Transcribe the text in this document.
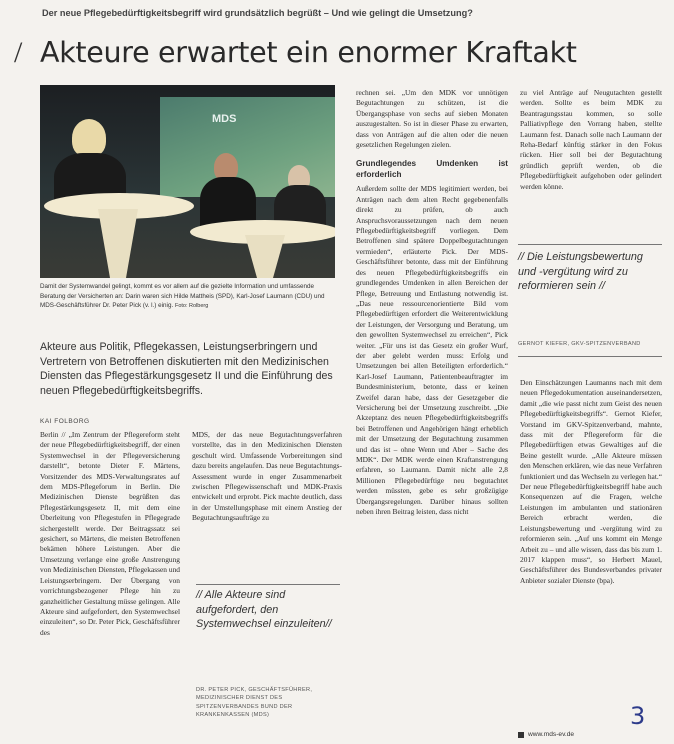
Der neue Pflegebedürftigkeitsbegriff wird grundsätzlich begrüßt – Und wie gelingt die Umsetzung?
/ Akteure erwartet ein enormer Kraftakt
MDS
Damit der Systemwandel gelingt, kommt es vor allem auf die gezielte Information und umfassende Beratung der Versicherten an: Darin waren sich Hilde Mattheis (SPD), Karl-Josef Laumann (CDU) und MDS-Geschäftsführer Dr. Peter Pick (v. l.) einig. Foto: Rolberg
Akteure aus Politik, Pflegekassen, Leistungserbringern und Vertretern von Betroffenen diskutierten mit den Medizinischen Diensten das Pflegestärkungsgesetz II und die Einführung des neuen Pflegebedürftigkeitsbegriffs.
KAI FOLBORG

Berlin // „Im Zentrum der Pflegereform steht der neue Pflegebedürftigkeitsbegriff, der einen Systemwechsel in der Pflegeversicherung darstellt“, betonte Dieter F. Märtens, Vorsitzender des MDS-Verwaltungsrates auf dem MDS-Pflegeforum in Berlin. Die Medizinischen Dienste begrüßten das Pflegestärkungsgesetz II, mit dem eine Überleitung von Pflegestufen in Pflegegrade sichergestellt werde. Der Beitragssatz sei gesichert, so Märtens, die meisten Betroffenen bekämen höhere Leistungen. Aber die Umsetzung verlange eine große Anstrengung von Medizinischen Diensten, Pflegekassen und Leistungserbringern. Der Übergang von vorrichtungsbezogener Pflege hin zu ganzheitlicher Gestaltung müsse gelingen. Alle Akteure sind aufgefordert, den Systemwechsel einzuleiten“, so Dr. Peter Pick, Geschäftsführer des

MDS, der das neue Begutachtungsverfahren vorstellte, das in den Medizinischen Diensten geschult wird. Umfassende Vorbereitungen sind dazu bereits angelaufen. Das neue Begutachtungs-Assessment wurde in enger Zusammenarbeit zwischen Pflegewissenschaft und MDK-Praxis entwickelt und erprobt. Pick machte deutlich, dass in der Umstellungsphase mit einem Anstieg der Begutachtungsaufträge zu

// Alle Akteure sind aufgefordert, den Systemwechsel einzuleiten//
DR. PETER PICK, GESCHÄFTSFÜHRER, MEDIZINISCHER DIENST DES SPITZENVERBANDES BUND DER KRANKENKASSEN (MDS)

rechnen sei. „Um den MDK vor unnötigen Begutachtungen zu schützen, ist die Übergangsphase von sechs auf sieben Monaten auszugestalten. So ist in dieser Phase zu erwarten, dass von Anträgen auf die alten oder die neuen gesetzlichen Regelungen zielen.

Grundlegendes Umdenken ist erforderlich

Außerdem sollte der MDS legitimiert werden, bei Anträgen nach dem alten Recht gegebenenfalls direkt zu prüfen, ob auch Anspruchsvoraussetzungen nach dem neuen Pflegebedürftigkeitsbegriff vorliegen. Dem Betroffenen sind spätere Doppelbegutachtungen vermieden“, erläuterte Pick. Der MDS-Geschäftsführer betonte, dass mit der Einführung des neuen Pflegebedürftigkeitsbegriffs ein grundlegendes Umdenken in allen Bereichen der Pflege, Betreuung und Entlastung notwendig ist. „Das neue ressourcenorientierte Bild vom Pflegebedürftigen erfordert die Weiterentwicklung der Leistungen, der Versorgung und Beratung, um den gewollten Systemwechsel zu erreichen“, Pick weiter. „Für uns ist das Gesetz ein großer Wurf, der aber gelebt werden muss: Erfolg und Umsetzungen bei allen Beteiligten erforderlich.“ Karl-Josef Laumann, Patientenbeauftragter im Bundesministerium, betonte, dass er keinen Zweifel daran habe, dass der Gesetzgeber die Versicherung bei der Umsetzung zuschreibt. „Die Akzeptanz des neuen Pflegebedürftigkeitsbegriffs bei Betroffenen und Angehörigen hängt erheblich mit der Umsetzung der Begutachtung zusammen und das ist – ohne Wenn und Aber – Sache des MDK“. Der MDK werde einen Kraftanstrengung erfahren, so Laumann. Damit nicht alle 2,8 Millionen Pflegebedürftige neu begutachtet werden müssten, gebe es sehr großzügige Übergangsregelungen. Darüber hinaus sollten neben ihren Beitrag leisten, dass nicht

zu viel Anträge auf Neugutachten gestellt werden. Sollte es beim MDK zu Beantragungsstau kommen, so solle Palliativpflege den Vorrang haben, stellte Laumann fest. Danach solle nach Laumann der Reha-Bedarf künftig stärker in den Fokus rücken. Hier soll bei der Begutachtung gründlich geprüft werden, ob die Pflegebedürftigkeit aufgehoben oder gelindert werden könne.

// Die Leistungsbewertung und -vergütung wird zu reformieren sein //
GERNOT KIEFER, GKV-SPITZENVERBAND

Den Einschätzungen Laumanns nach mit dem neuen Pflegedokumentation auseinandersetzen, damit „die wie passt nicht zum Geist des neuen Pflegebedürftigkeitsbegriffs“. Gernot Kiefer, Vorstand im GKV-Spitzenverband, mahnte, dass mit der Pflegereform für die Pflegebedürftigen etwas Gewaltiges auf die Beine gestellt wurde. „Alle Akteure müssen den Menschen erklären, wie das neue Verfahren funktioniert und das Wechseln zu verlegen hat.“ Der neue Pflegebedürftigkeitsbegriff habe auch Konsequenzen auf die Fragen, welche Leistungen im ambulanten und stationären Bereich erbracht werden, die Leistungsbewertung und -vergütung wird zu reformieren sein. „Auf uns kommt ein Menge Arbeit zu – und alle wissen, dass das bis zum 1. 2017 klappen muss“, so Herbert Mauel, Geschäftsführer des Bundesverbandes privater Anbieter sozialer Dienste (bpa).

3
www.mds-ev.de
